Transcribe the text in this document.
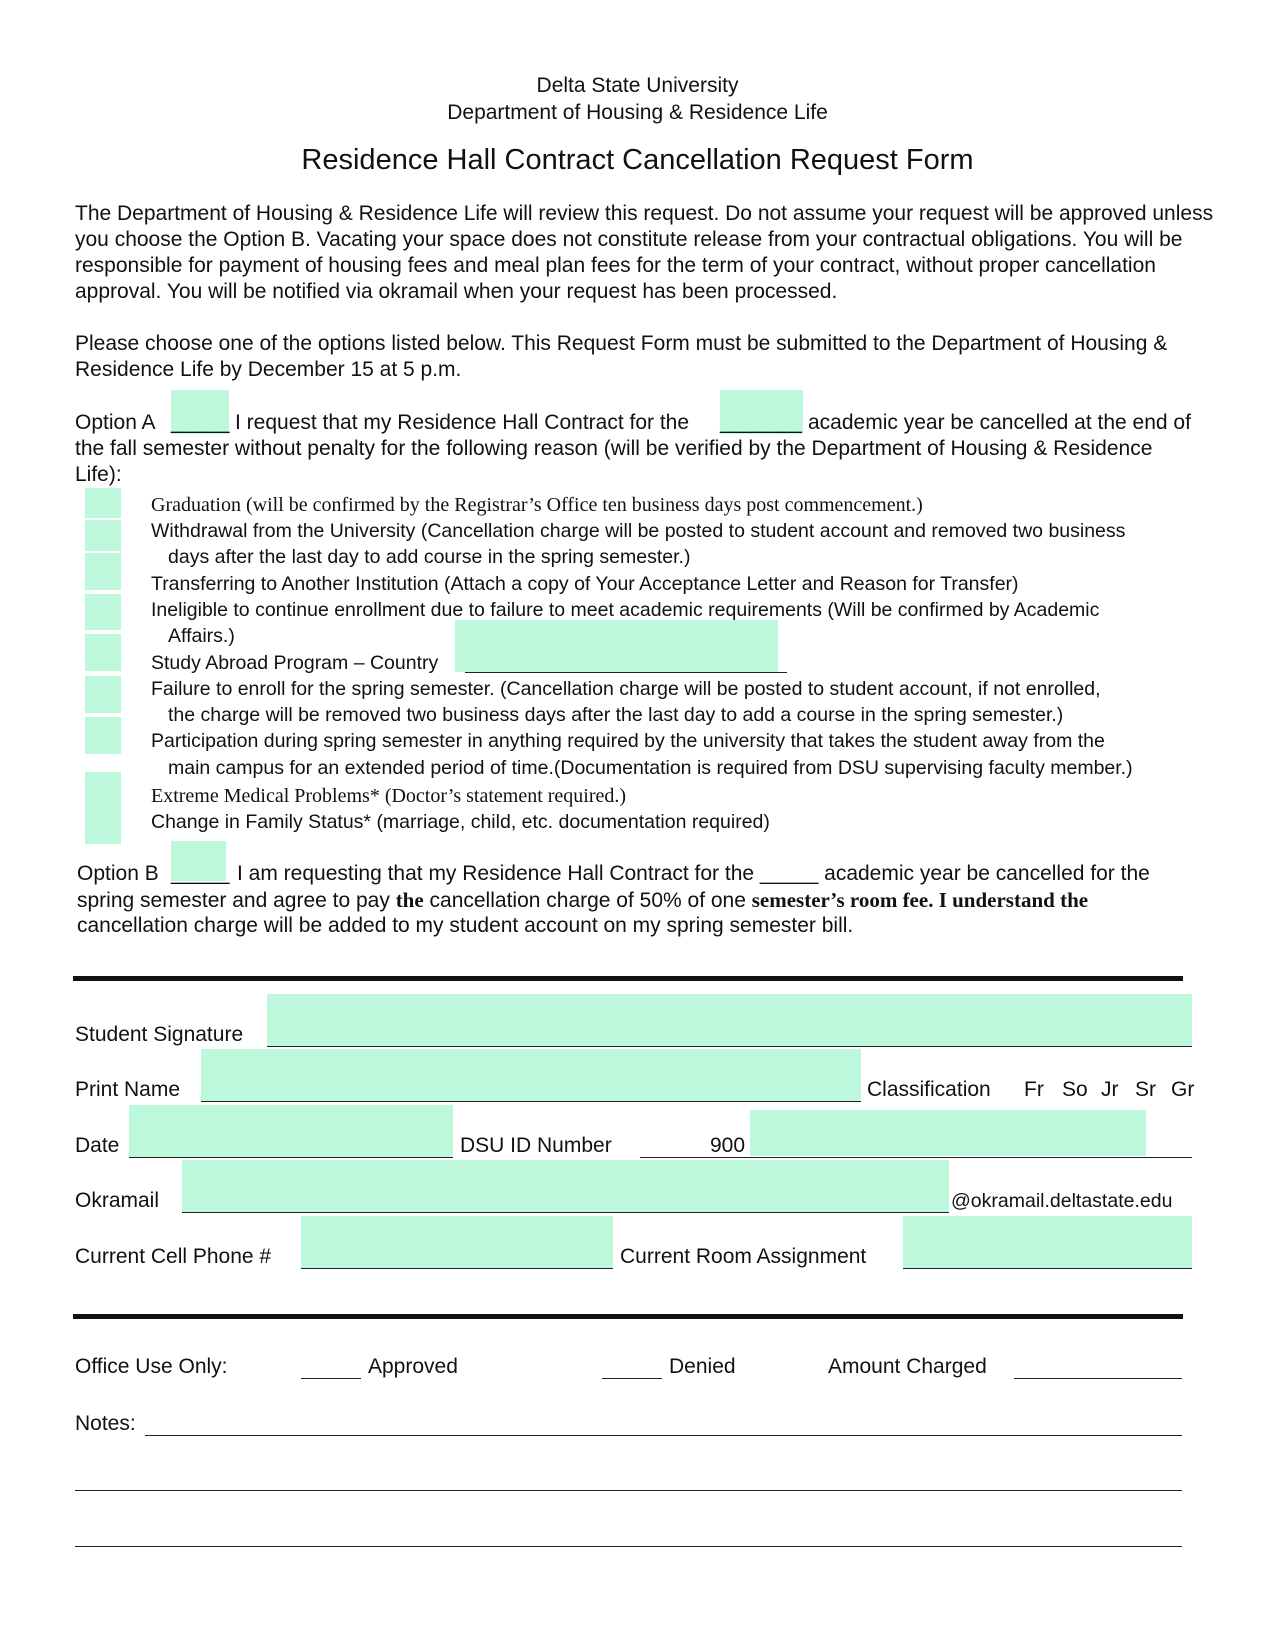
Delta State University
Department of Housing & Residence Life
Residence Hall Contract Cancellation Request Form

The Department of Housing & Residence Life will review this request. Do not assume your request will be approved unless you choose the Option B. Vacating your space does not constitute release from your contractual obligations. You will be responsible for payment of housing fees and meal plan fees for the term of your contract, without proper cancellation approval. You will be notified via okramail when your request has been processed.

Please choose one of the options listed below. This Request Form must be submitted to the Department of Housing & Residence Life by December 15 at 5 p.m.

Option A _____ I request that my Residence Hall Contract for the _______ academic year be cancelled at the end of
the fall semester without penalty for the following reason (will be verified by the Department of Housing & Residence
Life):
Graduation (will be confirmed by the Registrar’s Office ten business days post commencement.)
Withdrawal from the University (Cancellation charge will be posted to student account and removed two business
days after the last day to add course in the spring semester.)
Transferring to Another Institution (Attach a copy of Your Acceptance Letter and Reason for Transfer)
Ineligible to continue enrollment due to failure to meet academic requirements (Will be confirmed by Academic
Affairs.)
Study Abroad Program – Country
Failure to enroll for the spring semester. (Cancellation charge will be posted to student account, if not enrolled,
the charge will be removed two business days after the last day to add a course in the spring semester.)
Participation during spring semester in anything required by the university that takes the student away from the
main campus for an extended period of time.(Documentation is required from DSU supervising faculty member.)
Extreme Medical Problems* (Doctor’s statement required.)
Change in Family Status* (marriage, child, etc. documentation required)
Option B _____ I am requesting that my Residence Hall Contract for the _____ academic year be cancelled for the
spring semester and agree to pay the cancellation charge of 50% of one semester’s room fee. I understand the
cancellation charge will be added to my student account on my spring semester bill.
Student Signature
Print Name	Classification Fr So Jr Sr Gr
Date	DSU ID Number	900
Okramail	@okramail.deltastate.edu
Current Cell Phone #	Current Room Assignment
Office Use Only:	Approved	Denied	Amount Charged
Notes:
